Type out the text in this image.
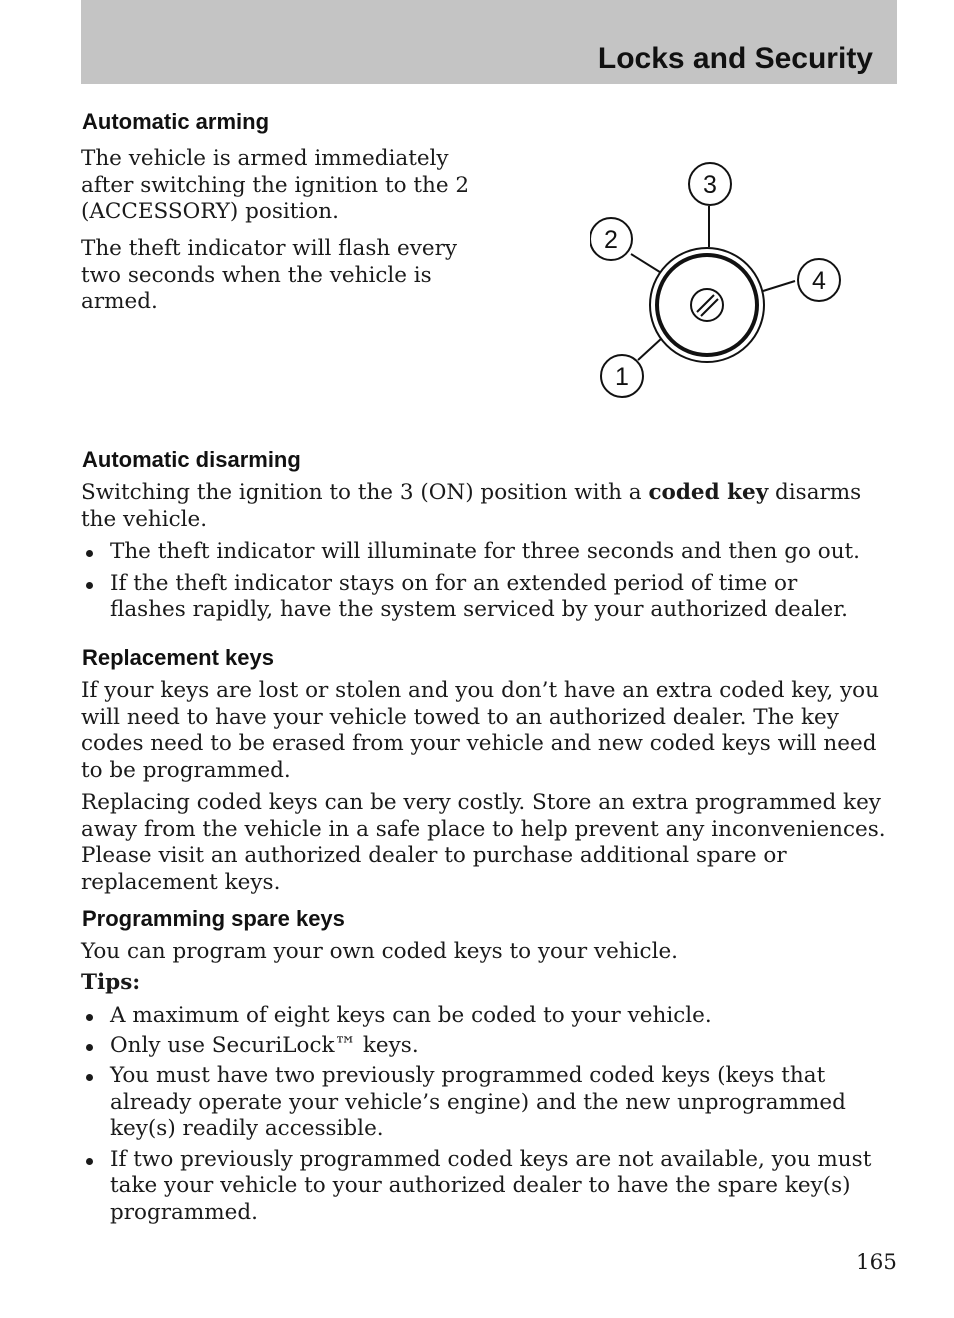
Locks and Security
Automatic arming

The vehicle is armed immediately
after switching the ignition to the 2
(ACCESSORY) position.

The theft indicator will flash every
two seconds when the vehicle is
armed.

3
2
4
1
Automatic disarming

Switching the ignition to the 3 (ON) position with a coded key disarms
the vehicle.

The theft indicator will illuminate for three seconds and then go out.
If the theft indicator stays on for an extended period of time or flashes rapidly, have the system serviced by your authorized dealer.
Replacement keys

If your keys are lost or stolen and you don’t have an extra coded key, you will need to have your vehicle towed to an authorized dealer. The key codes need to be erased from your vehicle and new coded keys will need to be programmed.

Replacing coded keys can be very costly. Store an extra programmed key away from the vehicle in a safe place to help prevent any inconveniences. Please visit an authorized dealer to purchase additional spare or replacement keys.

Programming spare keys

You can program your own coded keys to your vehicle.

Tips:

A maximum of eight keys can be coded to your vehicle.
Only use SecuriLock™ keys.
You must have two previously programmed coded keys (keys that already operate your vehicle’s engine) and the new unprogrammed key(s) readily accessible.
If two previously programmed coded keys are not available, you must take your vehicle to your authorized dealer to have the spare key(s) programmed.
165
